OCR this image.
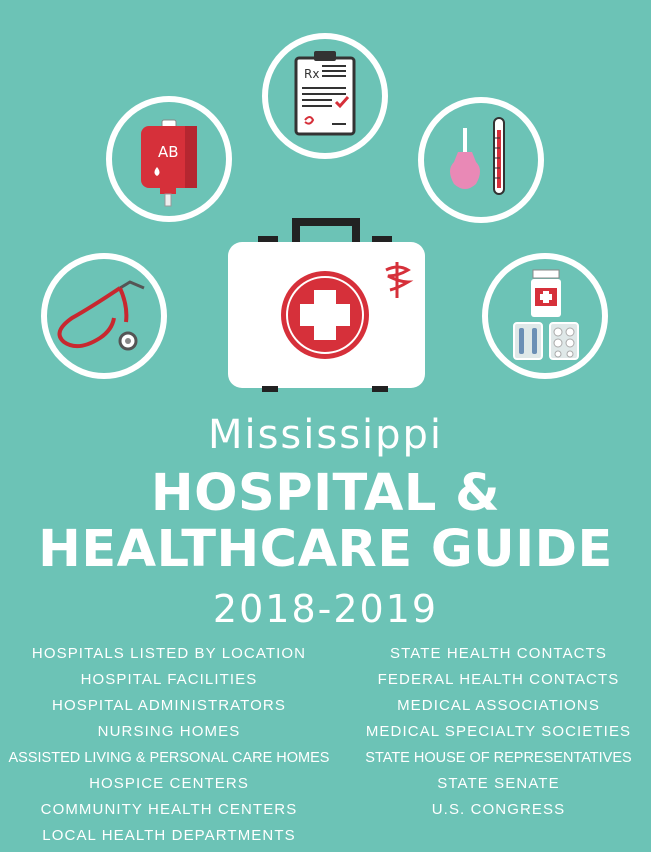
Rx
AB
Mississippi
HOSPITAL &
HEALTHCARE GUIDE
2018-2019
HOSPITALS LISTED BY LOCATION
HOSPITAL FACILITIES
HOSPITAL ADMINISTRATORS
NURSING HOMES
ASSISTED LIVING & PERSONAL CARE HOMES
HOSPICE CENTERS
COMMUNITY HEALTH CENTERS
LOCAL HEALTH DEPARTMENTS
STATE HEALTH CONTACTS
FEDERAL HEALTH CONTACTS
MEDICAL ASSOCIATIONS
MEDICAL SPECIALTY SOCIETIES
STATE HOUSE OF REPRESENTATIVES
STATE SENATE
U.S. CONGRESS
